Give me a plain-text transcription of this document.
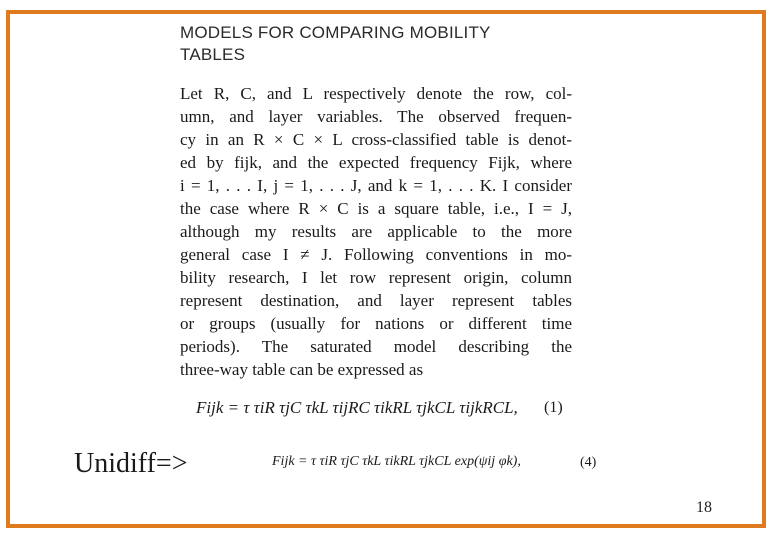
MODELS FOR COMPARING MOBILITY
TABLES
Let R, C, and L respectively denote the row, col-
umn, and layer variables. The observed frequen-
cy in an R × C × L cross-classified table is denot-
ed by fijk, and the expected frequency Fijk, where
i = 1, . . . I, j = 1, . . . J, and k = 1, . . . K. I consider
the case where R × C is a square table, i.e., I = J,
although my results are applicable to the more
general case I ≠ J. Following conventions in mo-
bility research, I let row represent origin, column
represent destination, and layer represent tables
or groups (usually for nations or different time
periods). The saturated model describing the
three-way table can be expressed as
Fijk = τ τiR τjC τkL τijRC τikRL τjkCL τijkRCL, (1)
Unidiff=>	Fijk = τ τiR τjC τkL τikRL τjkCL exp(ψij φk),	(4)
18
